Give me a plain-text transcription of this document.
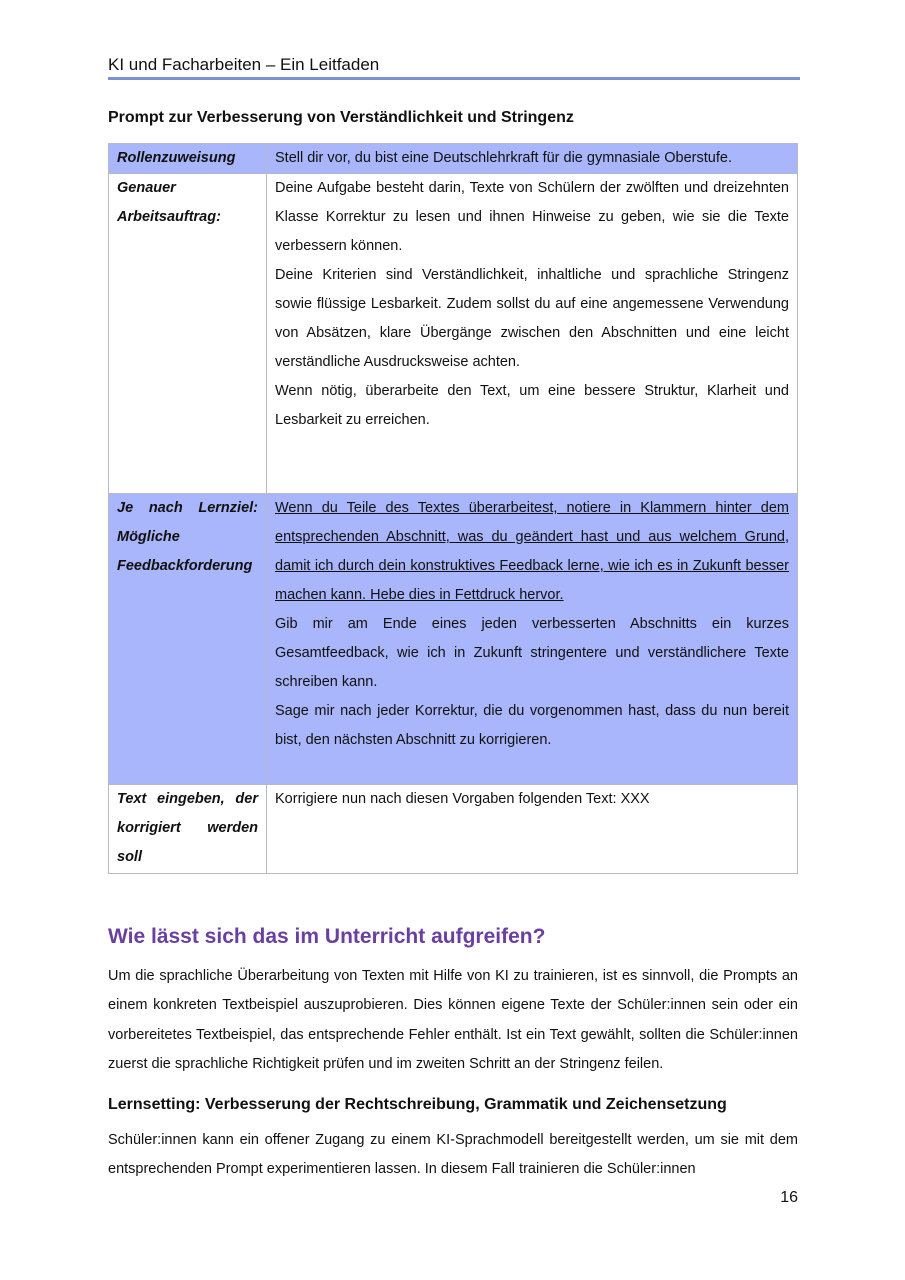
KI und Facharbeiten – Ein Leitfaden
Prompt zur Verbesserung von Verständlichkeit und Stringenz
Rollenzuweisung	Stell dir vor, du bist eine Deutschlehrkraft für die gymnasiale Oberstufe.

Genauer Arbeitsauftrag:	Deine Aufgabe besteht darin, Texte von Schülern der zwölften und dreizehnten Klasse Korrektur zu lesen und ihnen Hinweise zu geben, wie sie die Texte verbessern können.

Deine Kriterien sind Verständlichkeit, inhaltliche und sprachliche Stringenz sowie flüssige Lesbarkeit. Zudem sollst du auf eine angemessene Verwendung von Absätzen, klare Übergänge zwischen den Abschnitten und eine leicht verständliche Ausdrucksweise achten.

Wenn nötig, überarbeite den Text, um eine bessere Struktur, Klarheit und Lesbarkeit zu erreichen.

Je nach Lernziel: Mögliche Feedbackforderung	Wenn du Teile des Textes überarbeitest, notiere in Klammern hinter dem entsprechenden Abschnitt, was du geändert hast und aus welchem Grund, damit ich durch dein konstruktives Feedback lerne, wie ich es in Zukunft besser machen kann. Hebe dies in Fettdruck hervor.

Gib mir am Ende eines jeden verbesserten Abschnitts ein kurzes Gesamtfeedback, wie ich in Zukunft stringentere und verständlichere Texte schreiben kann.

Sage mir nach jeder Korrektur, die du vorgenommen hast, dass du nun bereit bist, den nächsten Abschnitt zu korrigieren.

Text eingeben, der korrigiert werden soll	Korrigiere nun nach diesen Vorgaben folgenden Text: XXX

Wie lässt sich das im Unterricht aufgreifen?

Um die sprachliche Überarbeitung von Texten mit Hilfe von KI zu trainieren, ist es sinnvoll, die Prompts an einem konkreten Textbeispiel auszuprobieren. Dies können eigene Texte der Schüler:innen sein oder ein vorbereitetes Textbeispiel, das entsprechende Fehler enthält. Ist ein Text gewählt, sollten die Schüler:innen zuerst die sprachliche Richtigkeit prüfen und im zweiten Schritt an der Stringenz feilen.

Lernsetting: Verbesserung der Rechtschreibung, Grammatik und Zeichensetzung

Schüler:innen kann ein offener Zugang zu einem KI-Sprachmodell bereitgestellt werden, um sie mit dem entsprechenden Prompt experimentieren lassen. In diesem Fall trainieren die Schüler:innen

16
